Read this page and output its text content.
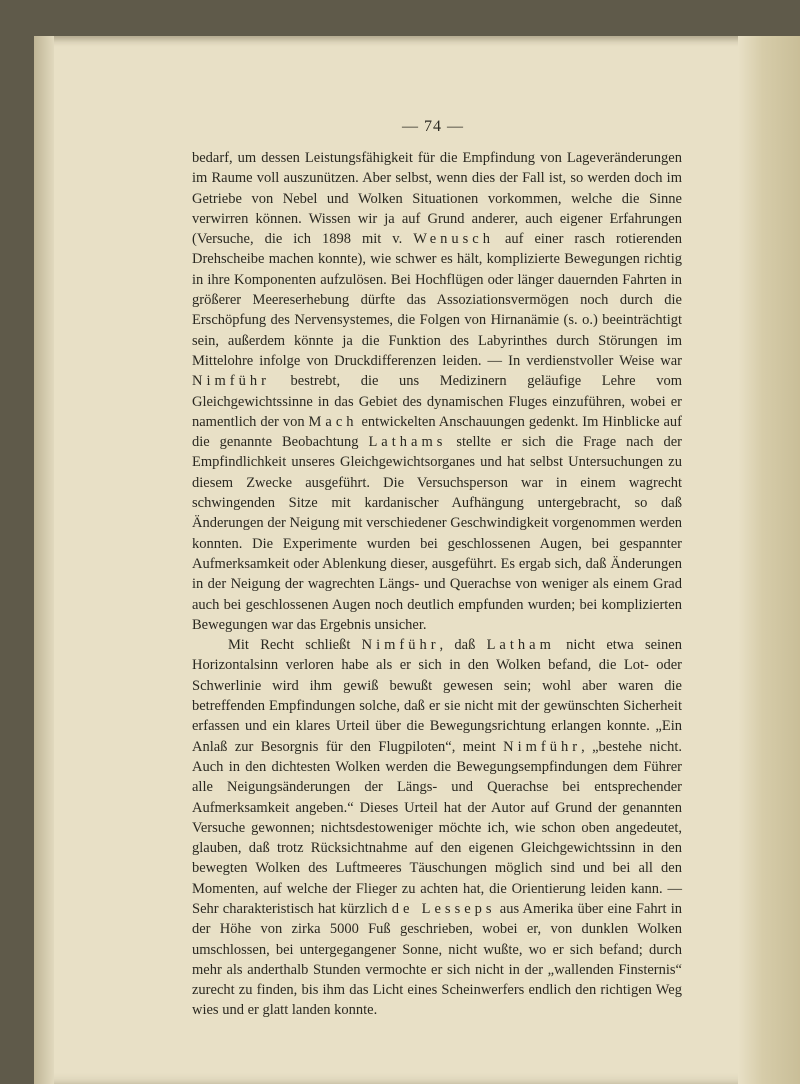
— 74 —

bedarf, um dessen Leistungsfähigkeit für die Empfindung von Lageveränderungen im Raume voll auszunützen. Aber selbst, wenn dies der Fall ist, so werden doch im Getriebe von Nebel und Wolken Situationen vorkommen, welche die Sinne verwirren können. Wissen wir ja auf Grund anderer, auch eigener Erfahrungen (Versuche, die ich 1898 mit v. Wenusch auf einer rasch rotierenden Drehscheibe machen konnte), wie schwer es hält, komplizierte Bewegungen richtig in ihre Komponenten aufzulösen. Bei Hochflügen oder länger dauernden Fahrten in größerer Meereserhebung dürfte das Assoziationsvermögen noch durch die Erschöpfung des Nervensystemes, die Folgen von Hirnanämie (s. o.) beeinträchtigt sein, außerdem könnte ja die Funktion des Labyrinthes durch Störungen im Mittelohre infolge von Druckdifferenzen leiden. — In verdienstvoller Weise war Nimführ bestrebt, die uns Medizinern geläufige Lehre vom Gleichgewichtssinne in das Gebiet des dynamischen Fluges einzuführen, wobei er namentlich der von Mach entwickelten Anschauungen gedenkt. Im Hinblicke auf die genannte Beobachtung Lathams stellte er sich die Frage nach der Empfindlichkeit unseres Gleichgewichtsorganes und hat selbst Untersuchungen zu diesem Zwecke ausgeführt. Die Versuchsperson war in einem wagrecht schwingenden Sitze mit kardanischer Aufhängung untergebracht, so daß Änderungen der Neigung mit verschiedener Geschwindigkeit vorgenommen werden konnten. Die Experimente wurden bei geschlossenen Augen, bei gespannter Aufmerksamkeit oder Ablenkung dieser, ausgeführt. Es ergab sich, daß Änderungen in der Neigung der wagrechten Längs- und Querachse von weniger als einem Grad auch bei geschlossenen Augen noch deutlich empfunden wurden; bei komplizierten Bewegungen war das Ergebnis unsicher.

Mit Recht schließt Nimführ, daß Latham nicht etwa seinen Horizontalsinn verloren habe als er sich in den Wolken befand, die Lot- oder Schwerlinie wird ihm gewiß bewußt gewesen sein; wohl aber waren die betreffenden Empfindungen solche, daß er sie nicht mit der gewünschten Sicherheit erfassen und ein klares Urteil über die Bewegungsrichtung erlangen konnte. „Ein Anlaß zur Besorgnis für den Flugpiloten“, meint Nimführ, „bestehe nicht. Auch in den dichtesten Wolken werden die Bewegungsempfindungen dem Führer alle Neigungsänderungen der Längs- und Querachse bei entsprechender Aufmerksamkeit angeben.“ Dieses Urteil hat der Autor auf Grund der genannten Versuche gewonnen; nichtsdestoweniger möchte ich, wie schon oben angedeutet, glauben, daß trotz Rücksichtnahme auf den eigenen Gleichgewichtssinn in den bewegten Wolken des Luftmeeres Täuschungen möglich sind und bei all den Momenten, auf welche der Flieger zu achten hat, die Orientierung leiden kann. — Sehr charakteristisch hat kürzlich de Lesseps aus Amerika über eine Fahrt in der Höhe von zirka 5000 Fuß geschrieben, wobei er, von dunklen Wolken umschlossen, bei untergegangener Sonne, nicht wußte, wo er sich befand; durch mehr als anderthalb Stunden vermochte er sich nicht in der „wallenden Finsternis“ zurecht zu finden, bis ihm das Licht eines Scheinwerfers endlich den richtigen Weg wies und er glatt landen konnte.
